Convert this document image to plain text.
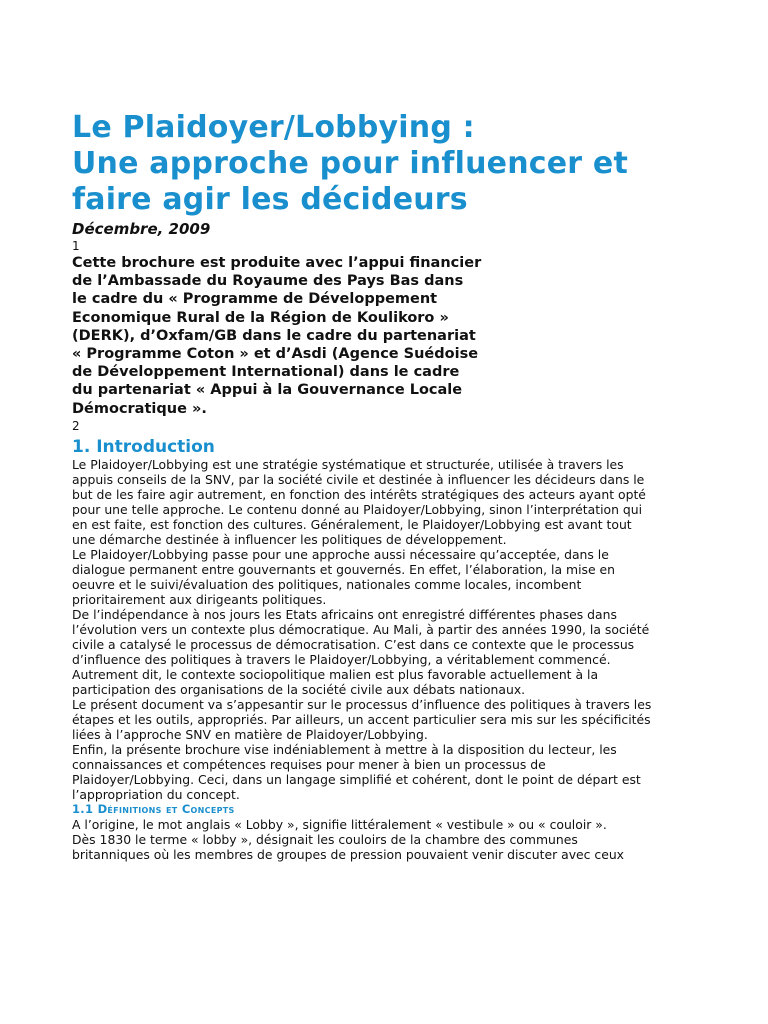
Le Plaidoyer/Lobbying :
Une approche pour influencer et
faire agir les décideurs
Décembre, 2009
1

Cette brochure est produite avec l’appui financier de l’Ambassade du Royaume des Pays Bas dans le cadre du « Programme de Développement Economique Rural de la Région de Koulikoro » (DERK), d’Oxfam/GB dans le cadre du partenariat « Programme Coton » et d’Asdi (Agence Suédoise de Développement International) dans le cadre du partenariat « Appui à la Gouvernance Locale Démocratique ».

2
1. Introduction

Le Plaidoyer/Lobbying est une stratégie systématique et structurée, utilisée à travers les appuis conseils de la SNV, par la société civile et destinée à influencer les décideurs dans le but de les faire agir autrement, en fonction des intérêts stratégiques des acteurs ayant opté pour une telle approche. Le contenu donné au Plaidoyer/Lobbying, sinon l’interprétation qui en est faite, est fonction des cultures. Généralement, le Plaidoyer/Lobbying est avant tout une démarche destinée à influencer les politiques de développement.

Le Plaidoyer/Lobbying passe pour une approche aussi nécessaire qu’acceptée, dans le dialogue permanent entre gouvernants et gouvernés. En effet, l’élaboration, la mise en oeuvre et le suivi/évaluation des politiques, nationales comme locales, incombent prioritairement aux dirigeants politiques.

De l’indépendance à nos jours les Etats africains ont enregistré différentes phases dans l’évolution vers un contexte plus démocratique. Au Mali, à partir des années 1990, la société civile a catalysé le processus de démocratisation. C’est dans ce contexte que le processus d’influence des politiques à travers le Plaidoyer/Lobbying, a véritablement commencé. Autrement dit, le contexte sociopolitique malien est plus favorable actuellement à la participation des organisations de la société civile aux débats nationaux.

Le présent document va s’appesantir sur le processus d’influence des politiques à travers les étapes et les outils, appropriés. Par ailleurs, un accent particulier sera mis sur les spécificités liées à l’approche SNV en matière de Plaidoyer/Lobbying.

Enfin, la présente brochure vise indéniablement à mettre à la disposition du lecteur, les connaissances et compétences requises pour mener à bien un processus de Plaidoyer/Lobbying. Ceci, dans un langage simplifié et cohérent, dont le point de départ est l’appropriation du concept.

1.1 Définitions et Concepts

A l’origine, le mot anglais « Lobby », signifie littéralement « vestibule » ou « couloir ».

Dès 1830 le terme « lobby », désignait les couloirs de la chambre des communes britanniques où les membres de groupes de pression pouvaient venir discuter avec ceux
